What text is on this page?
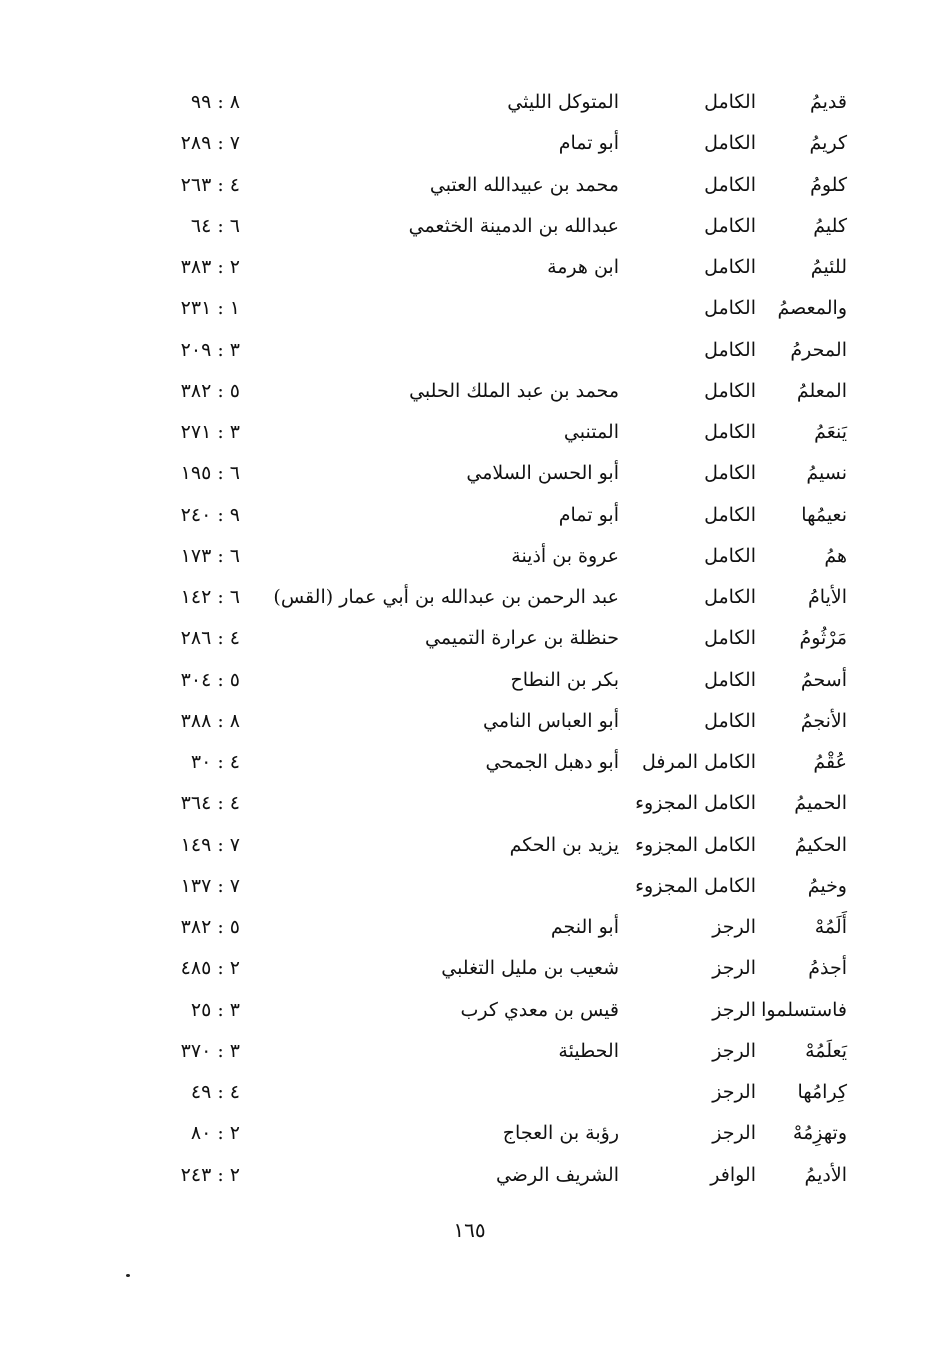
قديمُ
الكامل
المتوكل الليثي
٨ : ٩٩
كريمُ
الكامل
أبو تمام
٧ : ٢٨٩
كلومُ
الكامل
محمد بن عبيدالله العتبي
٤ : ٢٦٣
كليمُ
الكامل
عبدالله بن الدمينة الخثعمي
٦ : ٦٤
للئيمُ
الكامل
ابن هرمة
٢ : ٣٨٣
والمعصمُ
الكامل
١ : ٢٣١
المحرمُ
الكامل
٣ : ٢٠٩
المعلمُ
الكامل
محمد بن عبد الملك الحلبي
٥ : ٣٨٢
يَنعَمُ
الكامل
المتنبي
٣ : ٢٧١
نسيمُ
الكامل
أبو الحسن السلامي
٦ : ١٩٥
نعيمُها
الكامل
أبو تمام
٩ : ٢٤٠
همُ
الكامل
عروة بن أذينة
٦ : ١٧٣
الأيامُ
الكامل
عبد الرحمن بن عبدالله بن أبي عمار (القس)
٦ : ١٤٢
مَرْثُومُ
الكامل
حنظلة بن عرارة التميمي
٤ : ٢٨٦
أسحمُ
الكامل
بكر بن النطاح
٥ : ٣٠٤
الأنجمُ
الكامل
أبو العباس النامي
٨ : ٣٨٨
عُقْمُ
الكامل المرفل
أبو دهبل الجمحي
٤ : ٣٠
الحميمُ
الكامل المجزوء
٤ : ٣٦٤
الحكيمُ
الكامل المجزوء
يزيد بن الحكم
٧ : ١٤٩
وخيمُ
الكامل المجزوء
٧ : ١٣٧
أَلَمُهْ
الرجز
أبو النجم
٥ : ٣٨٢
أجذمُ
الرجز
شعيب بن مليل التغلبي
٢ : ٤٨٥
فاستسلموا
الرجز
قيس بن معدي كرب
٣ : ٢٥
يَعلَمُهْ
الرجز
الحطيئة
٣ : ٣٧٠
كِرامُها
الرجز
٤ : ٤٩
وتهزِمُهْ
الرجز
رؤبة بن العجاج
٢ : ٨٠
الأديمُ
الوافر
الشريف الرضي
٢ : ٢٤٣
١٦٥
